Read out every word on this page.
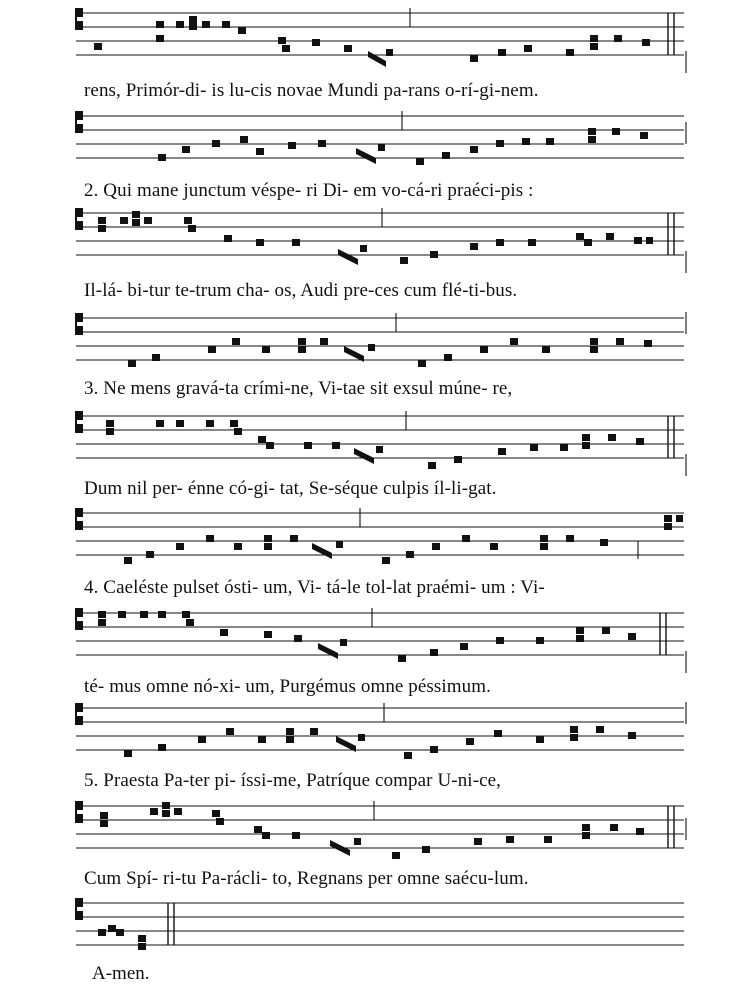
rens, Primór-di- is lu-cis novae Mundi pa-rans o-rí-gi-nem.
2. Qui mane junctum véspe- ri Di- em vo-cá-ri praéci-pis :
Il-lá- bi-tur te-trum cha- os, Audi pre-ces cum flé-ti-bus.
3. Ne mens gravá-ta crími-ne, Vi-tae sit exsul múne- re,
Dum nil per- énne có-gi- tat, Se-séque culpis íl-li-gat.
4. Caeléste pulset ósti- um, Vi- tá-le tol-lat praémi- um : Vi-
té- mus omne nó-xi- um, Purgémus omne péssimum.
5. Praesta Pa-ter pi- íssi-me, Patríque compar U-ni-ce,
Cum Spí- ri-tu Pa-rácli- to, Regnans per omne saécu-lum.
A-men.
